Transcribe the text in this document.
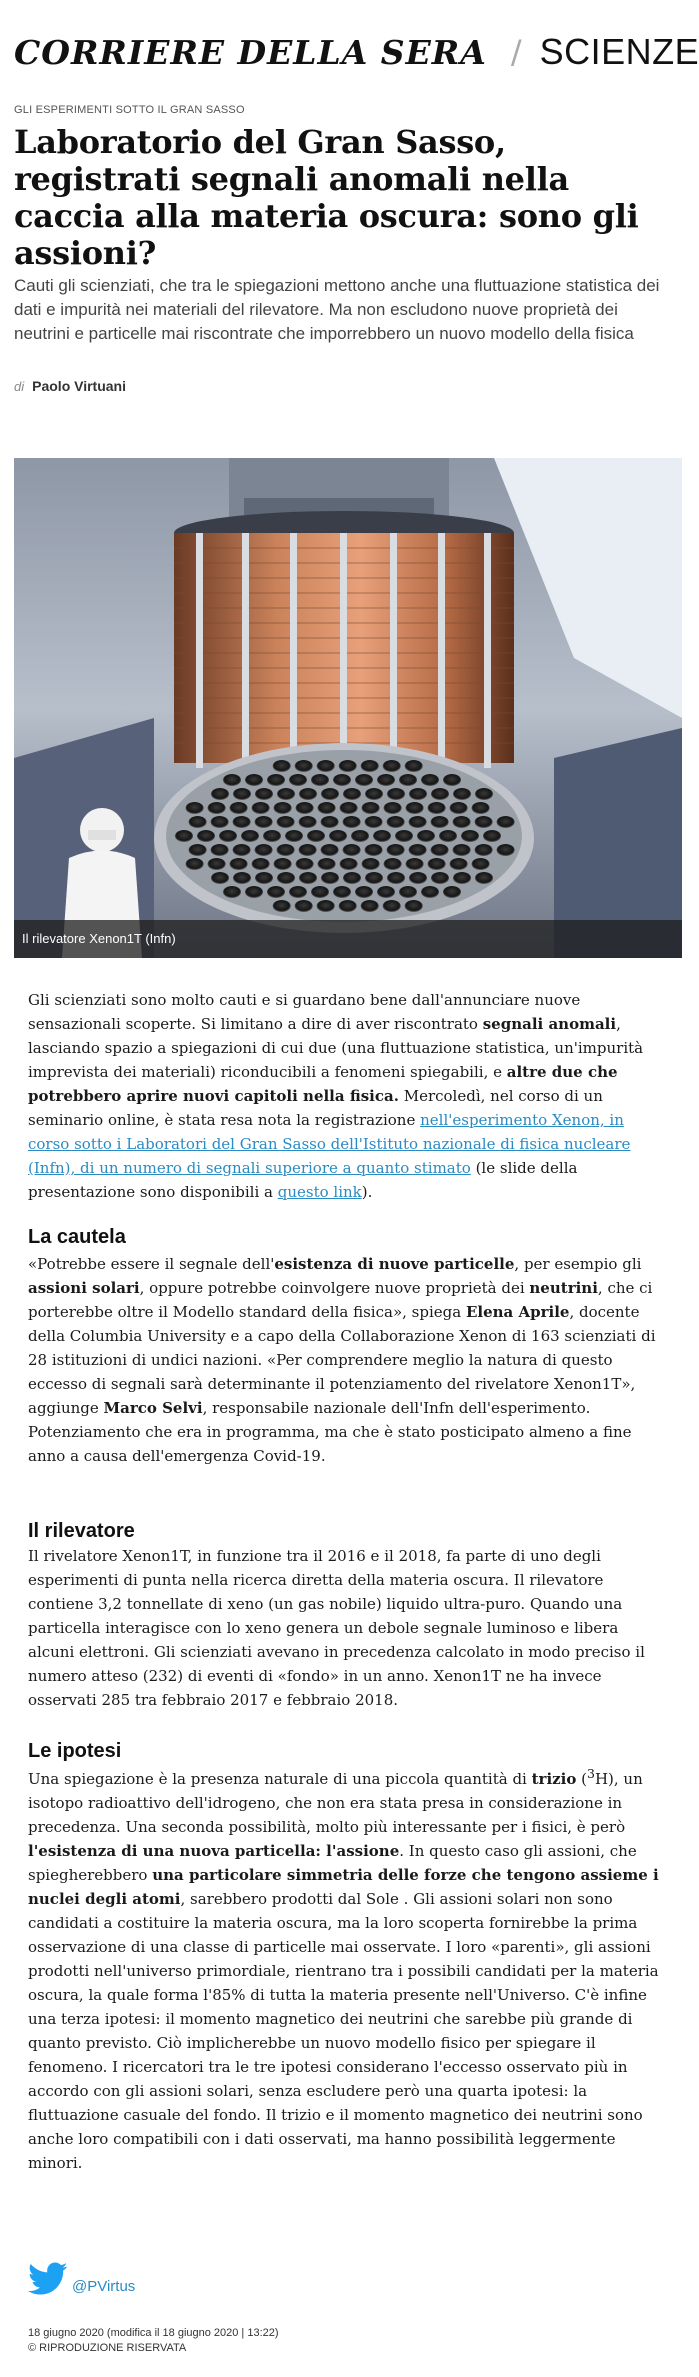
CORRIERE DELLA SERA / SCIENZE
GLI ESPERIMENTI SOTTO IL GRAN SASSO
Laboratorio del Gran Sasso, registrati segnali anomali nella caccia alla materia oscura: sono gli assioni?

Cauti gli scienziati, che tra le spiegazioni mettono anche una fluttuazione statistica dei dati e impurità nei materiali del rilevatore. Ma non escludono nuove proprietà dei neutrini e particelle mai riscontrate che imporrebbero un nuovo modello della fisica

di Paolo Virtuani
Il rilevatore Xenon1T (Infn)

Gli scienziati sono molto cauti e si guardano bene dall'annunciare nuove sensazionali scoperte. Si limitano a dire di aver riscontrato segnali anomali, lasciando spazio a spiegazioni di cui due (una fluttuazione statistica, un'impurità imprevista dei materiali) riconducibili a fenomeni spiegabili, e altre due che potrebbero aprire nuovi capitoli nella fisica. Mercoledì, nel corso di un seminario online, è stata resa nota la registrazione nell'esperimento Xenon, in corso sotto i Laboratori del Gran Sasso dell'Istituto nazionale di fisica nucleare (Infn), di un numero di segnali superiore a quanto stimato (le slide della presentazione sono disponibili a questo link).

La cautela

«Potrebbe essere il segnale dell'esistenza di nuove particelle, per esempio gli assioni solari, oppure potrebbe coinvolgere nuove proprietà dei neutrini, che ci porterebbe oltre il Modello standard della fisica», spiega Elena Aprile, docente della Columbia University e a capo della Collaborazione Xenon di 163 scienziati di 28 istituzioni di undici nazioni. «Per comprendere meglio la natura di questo eccesso di segnali sarà determinante il potenziamento del rivelatore Xenon1T», aggiunge Marco Selvi, responsabile nazionale dell'Infn dell'esperimento. Potenziamento che era in programma, ma che è stato posticipato almeno a fine anno a causa dell'emergenza Covid-19.

Il rilevatore

Il rivelatore Xenon1T, in funzione tra il 2016 e il 2018, fa parte di uno degli esperimenti di punta nella ricerca diretta della materia oscura. Il rilevatore contiene 3,2 tonnellate di xeno (un gas nobile) liquido ultra-puro. Quando una particella interagisce con lo xeno genera un debole segnale luminoso e libera alcuni elettroni. Gli scienziati avevano in precedenza calcolato in modo preciso il numero atteso (232) di eventi di «fondo» in un anno. Xenon1T ne ha invece osservati 285 tra febbraio 2017 e febbraio 2018.

Le ipotesi

Una spiegazione è la presenza naturale di una piccola quantità di trizio ($^3$H), un isotopo radioattivo dell'idrogeno, che non era stata presa in considerazione in precedenza. Una seconda possibilità, molto più interessante per i fisici, è però l'esistenza di una nuova particella: l'assione. In questo caso gli assioni, che spiegherebbero una particolare simmetria delle forze che tengono assieme i nuclei degli atomi, sarebbero prodotti dal Sole . Gli assioni solari non sono candidati a costituire la materia oscura, ma la loro scoperta fornirebbe la prima osservazione di una classe di particelle mai osservate. I loro «parenti», gli assioni prodotti nell'universo primordiale, rientrano tra i possibili candidati per la materia oscura, la quale forma l'85% di tutta la materia presente nell'Universo. C'è infine una terza ipotesi: il momento magnetico dei neutrini che sarebbe più grande di quanto previsto. Ciò implicherebbe un nuovo modello fisico per spiegare il fenomeno. I ricercatori tra le tre ipotesi considerano l'eccesso osservato più in accordo con gli assioni solari, senza escludere però una quarta ipotesi: la fluttuazione casuale del fondo. Il trizio e il momento magnetico dei neutrini sono anche loro compatibili con i dati osservati, ma hanno possibilità leggermente minori.

@PVirtus
18 giugno 2020 (modifica il 18 giugno 2020 | 13:22)
© RIPRODUZIONE RISERVATA
